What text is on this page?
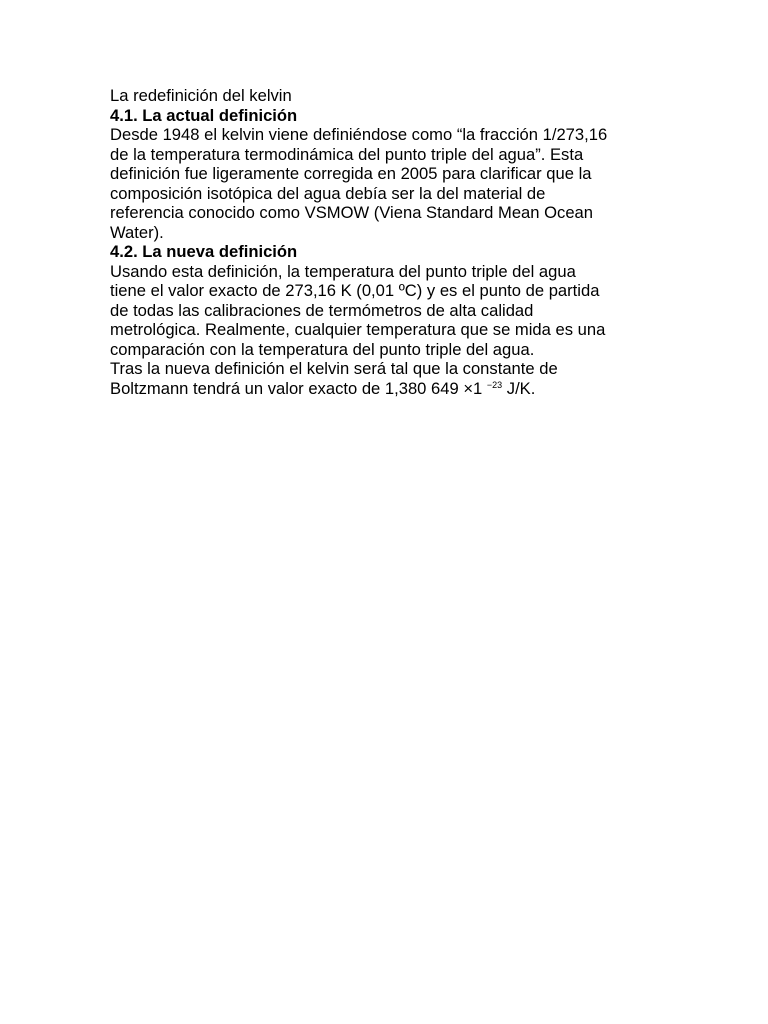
La redefinición del kelvin
4.1. La actual definición
Desde 1948 el kelvin viene definiéndose como “la fracción 1/273,16
de la temperatura termodinámica del punto triple del agua”. Esta
definición fue ligeramente corregida en 2005 para clarificar que la
composición isotópica del agua debía ser la del material de
referencia conocido como VSMOW (Viena Standard Mean Ocean
Water).
4.2. La nueva definición
Usando esta definición, la temperatura del punto triple del agua
tiene el valor exacto de 273,16 K (0,01 ºC) y es el punto de partida
de todas las calibraciones de termómetros de alta calidad
metrológica. Realmente, cualquier temperatura que se mida es una
comparación con la temperatura del punto triple del agua.
Tras la nueva definición el kelvin será tal que la constante de
Boltzmann tendrá un valor exacto de 1,380 649 ×1 $^{-23}$ J/K.
